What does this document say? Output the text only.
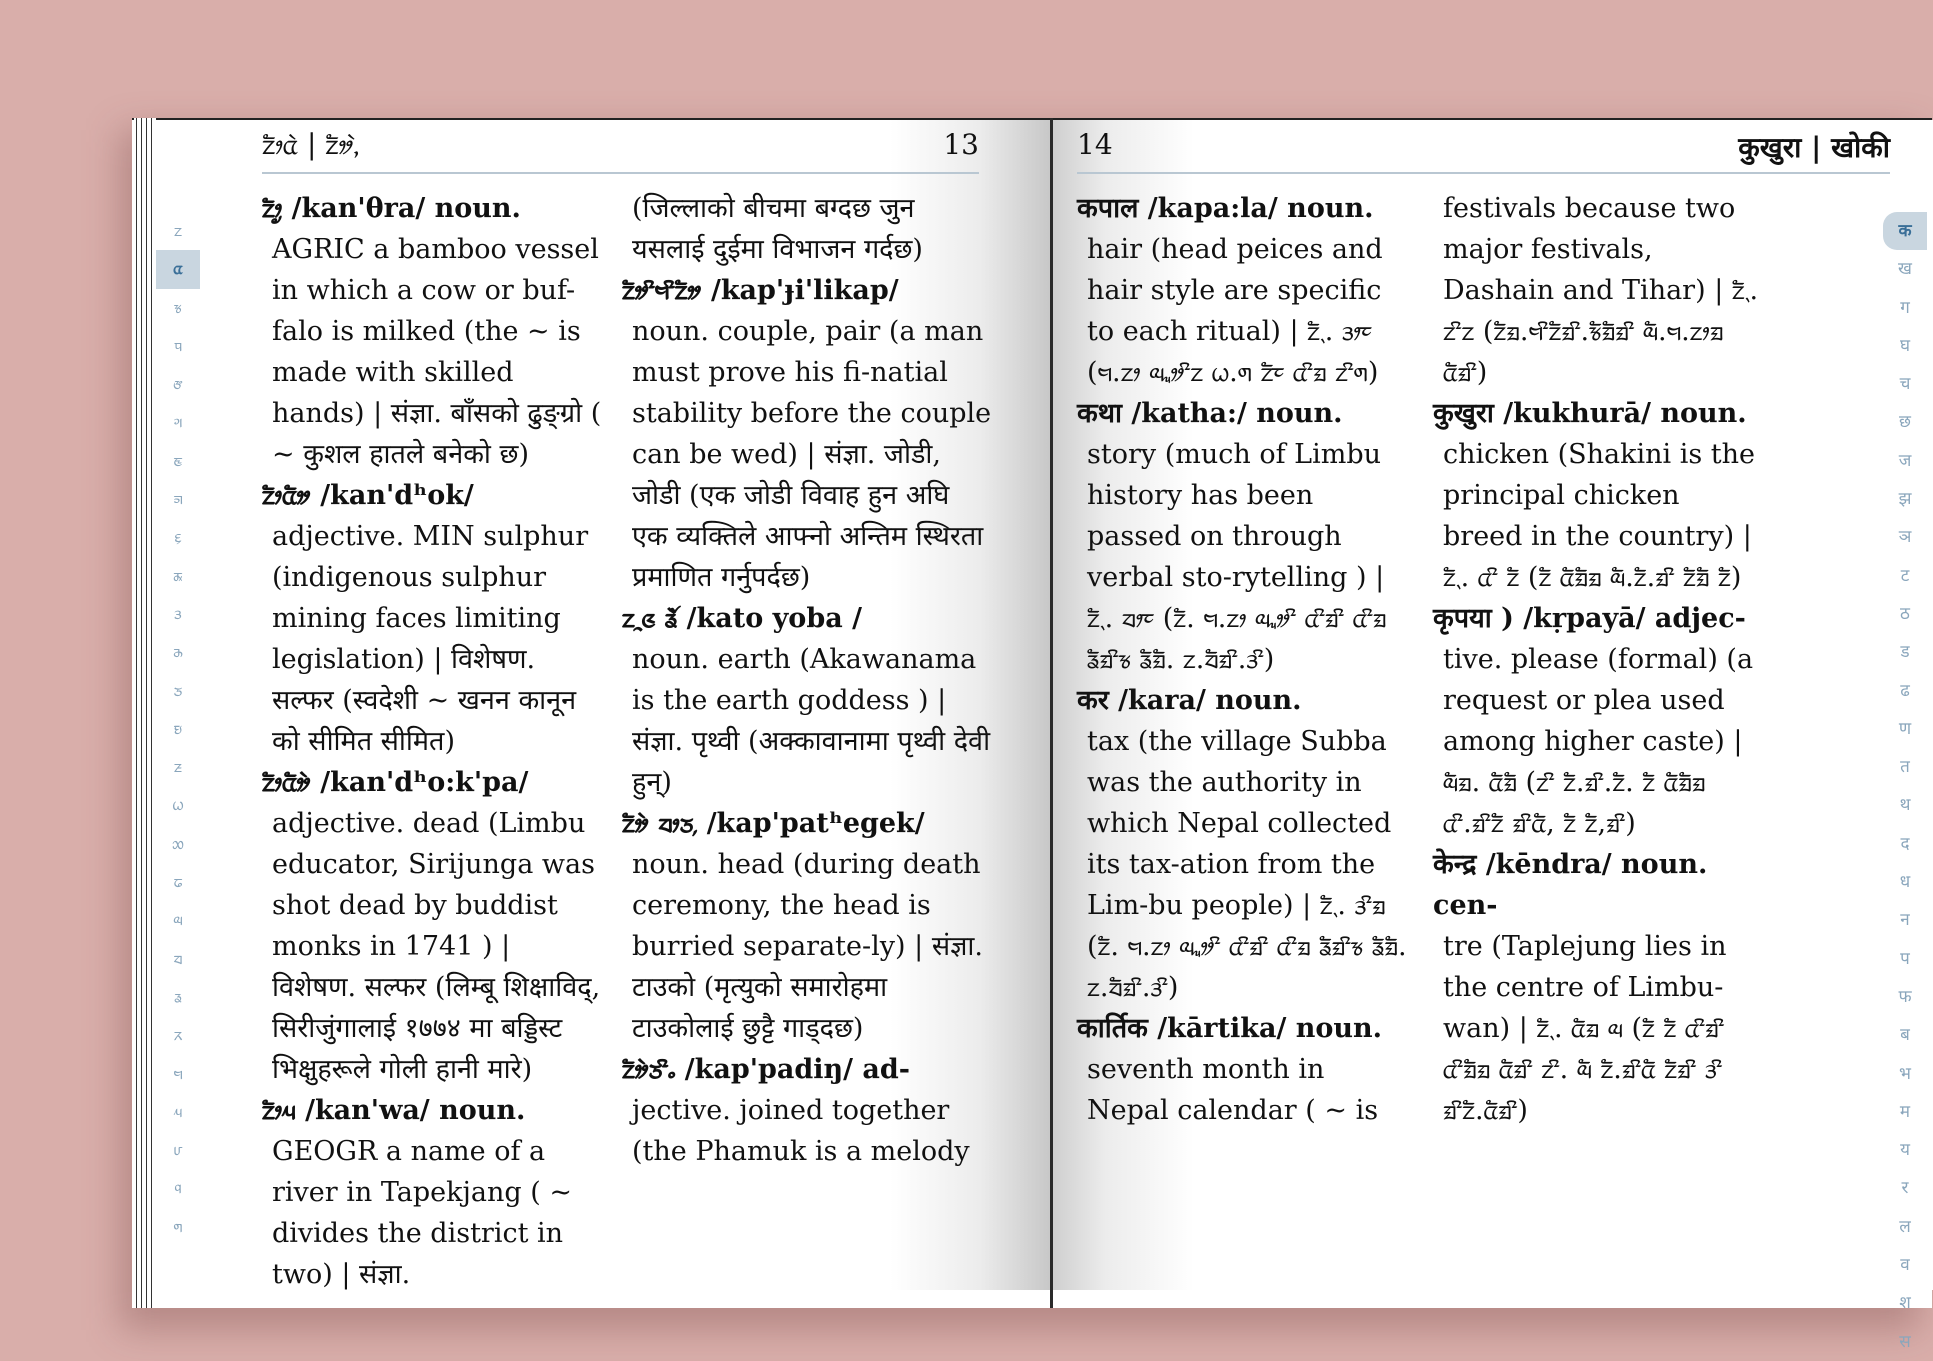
ᤁᤥᤂᤧ | ᤁᤦ,ᤧ	13
ᤁ
ᤂ
ᤃ
ᤄ
ᤅ
ᤆ
ᤇ
ᤈ
ᤉ
ᤊ
ᤋ
ᤌ
ᤍ
ᤎ
ᤏ
ᤐ
ᤑ
ᤒ
ᤓ
ᤔ
ᤕ
ᤖ
ᤗ
ᤘ
ᤙ
ᤚ
ᤛ

ᤁᤥᤢ /kan'θra/ noun.

AGRIC a bamboo vessel in which a cow or buf-falo is milked (the ~ is made with skilled hands) | संज्ञा. बाँसको ढुङ्ग्रो ( ~ कुशल हातले बनेको छ)

ᤁᤥᤂᤦ /kan'dʰok/

adjective. MIN sulphur (indigenous sulphur mining faces limiting legislation) | विशेषण. सल्फर (स्वदेशी ~ खनन कानून को सीमित सीमित)

ᤁᤥᤂᤦᤧ /kan'dʰo:k'pa/

adjective. dead (Limbu educator, Sirijunga was shot dead by buddist monks in 1741 ) | विशेषण. सल्फर (लिम्बू शिक्षाविद्, सिरीजुंगालाई १७७४ मा बड्डिस्ट भिक्षुहरूले गोली हानी मारे)

ᤁᤥᤘ /kan'wa/ noun.

GEOGR a name of a river in Tapekjang ( ~ divides the district in two) | संज्ञा.

(जिल्लाको बीचमा बग्दछ जुन यसलाई दुईमा विभाजन गर्दछ)

ᤁᤦᤡᤗᤡᤁᤦ /kap'ɟi'likap/

noun. couple, pair (a man must prove his fi-natial stability before the couple can be wed) | संज्ञा. जोडी, जोडी (एक जोडी विवाह हुन अघि एक व्यक्तिले आफ्नो अन्तिम स्थिरता प्रमाणित गर्नुपर्दछ)

ᤁᤳᤜ ᤕᤨᤧ /kato yoba /

noun. earth (Akawanama is the earth goddess ) | संज्ञा. पृथ्वी (अक्कावानामा पृथ्वी देवी हुन्)

ᤁᤦᤧ ᤔᤣᤍ᤹ /kap'patʰegek/

noun. head (during death ceremony, the head is burried separate-ly) | संज्ञा. टाउको (मृत्युको समारोहमा टाउकोलाई छुट्टै गाड्दछ)

ᤁᤦᤧᤍᤡᤱ /kap'padiŋ/ ad-

jective. joined together (the Phamuk is a melody

14	कुखुरा | खोकी

कपाल /kapa:la/ noun.

hair (head peices and hair style are specific to each ritual) | ᤁᤠᤷ. ᤋᤣᤰ (ᤗ.ᤁᤣ ᤓᤫᤤᤡᤁ ᤐ.ᤛ ᤁᤠᤰ ᤂᤡᤀ ᤁᤡᤛ)

कथा /katha:/ noun.

story (much of Limbu history has been passed on through verbal sto-rytelling ) | ᤁᤠᤷ. ᤔᤣᤰ (ᤁᤠ. ᤗ.ᤁᤣ ᤓᤫᤤᤡ ᤂᤡᤀᤡ ᤂᤡᤀ ᤕᤠᤀᤡᤃ ᤕᤠᤀᤠ. ᤁ.ᤔᤠᤀᤡ.ᤋᤡ)

कर /kara/ noun.

tax (the village Subba was the authority in which Nepal collected its tax-ation from the Lim-bu people) | ᤁᤠᤷ. ᤋᤡᤀ (ᤁᤠ. ᤗ.ᤁᤣ ᤓᤫᤤᤡ ᤂᤡᤀᤡ ᤂᤡᤀ ᤕᤠᤀᤡᤃ ᤕᤠᤀᤠ. ᤁ.ᤔᤠᤀᤡ.ᤋᤡ)

कार्तिक /kārtika/ noun.

seventh month in Nepal calendar ( ~ is

festivals because two major festivals, Dashain and Tihar) | ᤁᤠᤷ. ᤁᤡᤁ (ᤁᤠᤀ.ᤗᤡᤁᤠᤀᤡ.ᤃᤠᤀᤠᤀᤡ ᤓᤠ.ᤗ.ᤁᤣᤀ ᤂᤠᤀᤡ)

कुखुरा /kukhurā/ noun.

chicken (Shakini is the principal chicken breed in the country) | ᤁᤠᤷ. ᤂᤡ ᤁᤠ (ᤁᤠ ᤂᤠᤀᤠᤀ ᤓᤠ.ᤁᤠ.ᤀᤡ ᤁᤠᤀᤠ ᤁᤠ)

कृपया ) /kṛpayā/ adjec-

tive. please (formal) (a request or plea used among higher caste) | ᤓᤠᤀ. ᤂᤠᤀᤠ (ᤁᤡ ᤁᤠ.ᤀᤡ.ᤁᤠ. ᤁᤠ ᤂᤠᤀᤠᤀ ᤂᤡ.ᤀᤡᤁᤠ ᤀᤡᤂᤠ, ᤁᤠ ᤁᤠ,ᤀᤡ)

केन्द्र /kēndra/ noun. cen-

tre (Taplejung lies in the centre of Limbu-wan) | ᤁᤠᤷ. ᤂᤠᤀ ᤓ (ᤁᤠ ᤁᤠ ᤂᤡᤀᤡ ᤂᤡᤀᤠᤀ ᤂᤠᤀᤡ ᤁᤡ. ᤓᤠ ᤁᤠ.ᤀᤡᤂᤠ ᤁᤠᤀᤡ ᤋᤡ ᤀᤡᤁᤠ.ᤂᤠᤀᤡ)

क
ख
ग
घ
च
छ
ज
झ
ञ
ट
ठ
ड
ढ
ण
त
थ
द
ध
न
प
फ
ब
भ
म
य
र
ल
व
श
स
